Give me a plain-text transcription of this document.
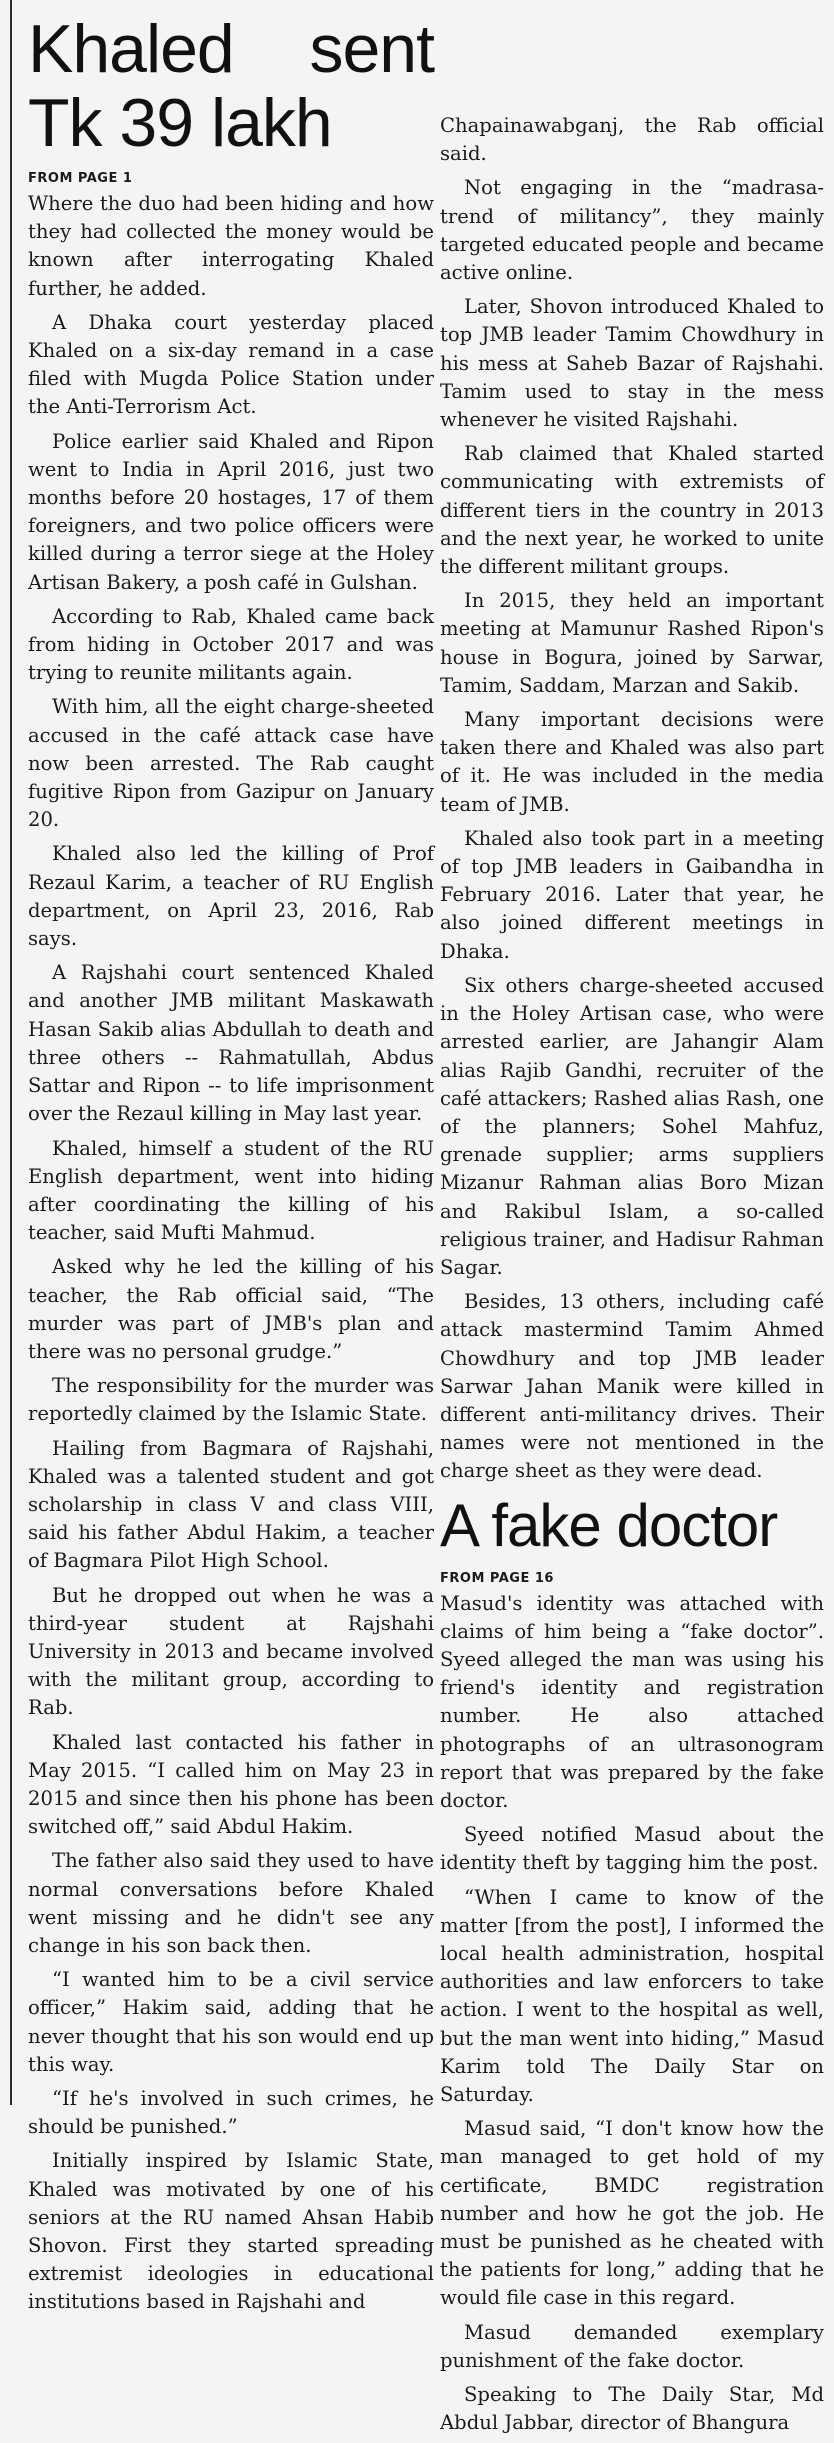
Khaled sent Tk 39 lakh
FROM PAGE 1

Where the duo had been hiding and how they had collected the money would be known after interrogating Khaled further, he added.

A Dhaka court yesterday placed Khaled on a six-day remand in a case filed with Mugda Police Station under the Anti-Terrorism Act.

Police earlier said Khaled and Ripon went to India in April 2016, just two months before 20 hostages, 17 of them foreigners, and two police officers were killed during a terror siege at the Holey Artisan Bakery, a posh café in Gulshan.

According to Rab, Khaled came back from hiding in October 2017 and was trying to reunite militants again.

With him, all the eight charge-sheeted accused in the café attack case have now been arrested. The Rab caught fugitive Ripon from Gazipur on January 20.

Khaled also led the killing of Prof Rezaul Karim, a teacher of RU English department, on April 23, 2016, Rab says.

A Rajshahi court sentenced Khaled and another JMB militant Maskawath Hasan Sakib alias Abdullah to death and three others -- Rahmatullah, Abdus Sattar and Ripon -- to life imprisonment over the Rezaul killing in May last year.

Khaled, himself a student of the RU English department, went into hiding after coordinating the killing of his teacher, said Mufti Mahmud.

Asked why he led the killing of his teacher, the Rab official said, “The murder was part of JMB's plan and there was no personal grudge.”

The responsibility for the murder was reportedly claimed by the Islamic State.

Hailing from Bagmara of Rajshahi, Khaled was a talented student and got scholarship in class V and class VIII, said his father Abdul Hakim, a teacher of Bagmara Pilot High School.

But he dropped out when he was a third-year student at Rajshahi University in 2013 and became involved with the militant group, according to Rab.

Khaled last contacted his father in May 2015. “I called him on May 23 in 2015 and since then his phone has been switched off,” said Abdul Hakim.

The father also said they used to have normal conversations before Khaled went missing and he didn't see any change in his son back then.

“I wanted him to be a civil service officer,” Hakim said, adding that he never thought that his son would end up this way.

“If he's involved in such crimes, he should be punished.”

Initially inspired by Islamic State, Khaled was motivated by one of his seniors at the RU named Ahsan Habib Shovon. First they started spreading extremist ideologies in educational institutions based in Rajshahi and

Chapainawabganj, the Rab official said.

Not engaging in the “madrasa-trend of militancy”, they mainly targeted educated people and became active online.

Later, Shovon introduced Khaled to top JMB leader Tamim Chowdhury in his mess at Saheb Bazar of Rajshahi. Tamim used to stay in the mess whenever he visited Rajshahi.

Rab claimed that Khaled started communicating with extremists of different tiers in the country in 2013 and the next year, he worked to unite the different militant groups.

In 2015, they held an important meeting at Mamunur Rashed Ripon's house in Bogura, joined by Sarwar, Tamim, Saddam, Marzan and Sakib.

Many important decisions were taken there and Khaled was also part of it. He was included in the media team of JMB.

Khaled also took part in a meeting of top JMB leaders in Gaibandha in February 2016. Later that year, he also joined different meetings in Dhaka.

Six others charge-sheeted accused in the Holey Artisan case, who were arrested earlier, are Jahangir Alam alias Rajib Gandhi, recruiter of the café attackers; Rashed alias Rash, one of the planners; Sohel Mahfuz, grenade supplier; arms suppliers Mizanur Rahman alias Boro Mizan and Rakibul Islam, a so-called religious trainer, and Hadisur Rahman Sagar.

Besides, 13 others, including café attack mastermind Tamim Ahmed Chowdhury and top JMB leader Sarwar Jahan Manik were killed in different anti-militancy drives. Their names were not mentioned in the charge sheet as they were dead.

A fake doctor
FROM PAGE 16

Masud's identity was attached with claims of him being a “fake doctor”. Syeed alleged the man was using his friend's identity and registration number. He also attached photographs of an ultrasonogram report that was prepared by the fake doctor.

Syeed notified Masud about the identity theft by tagging him the post.

“When I came to know of the matter [from the post], I informed the local health administration, hospital authorities and law enforcers to take action. I went to the hospital as well, but the man went into hiding,” Masud Karim told The Daily Star on Saturday.

Masud said, “I don't know how the man managed to get hold of my certificate, BMDC registration number and how he got the job. He must be punished as he cheated with the patients for long,” adding that he would file case in this regard.

Masud demanded exemplary punishment of the fake doctor.

Speaking to The Daily Star, Md Abdul Jabbar, director of Bhangura
